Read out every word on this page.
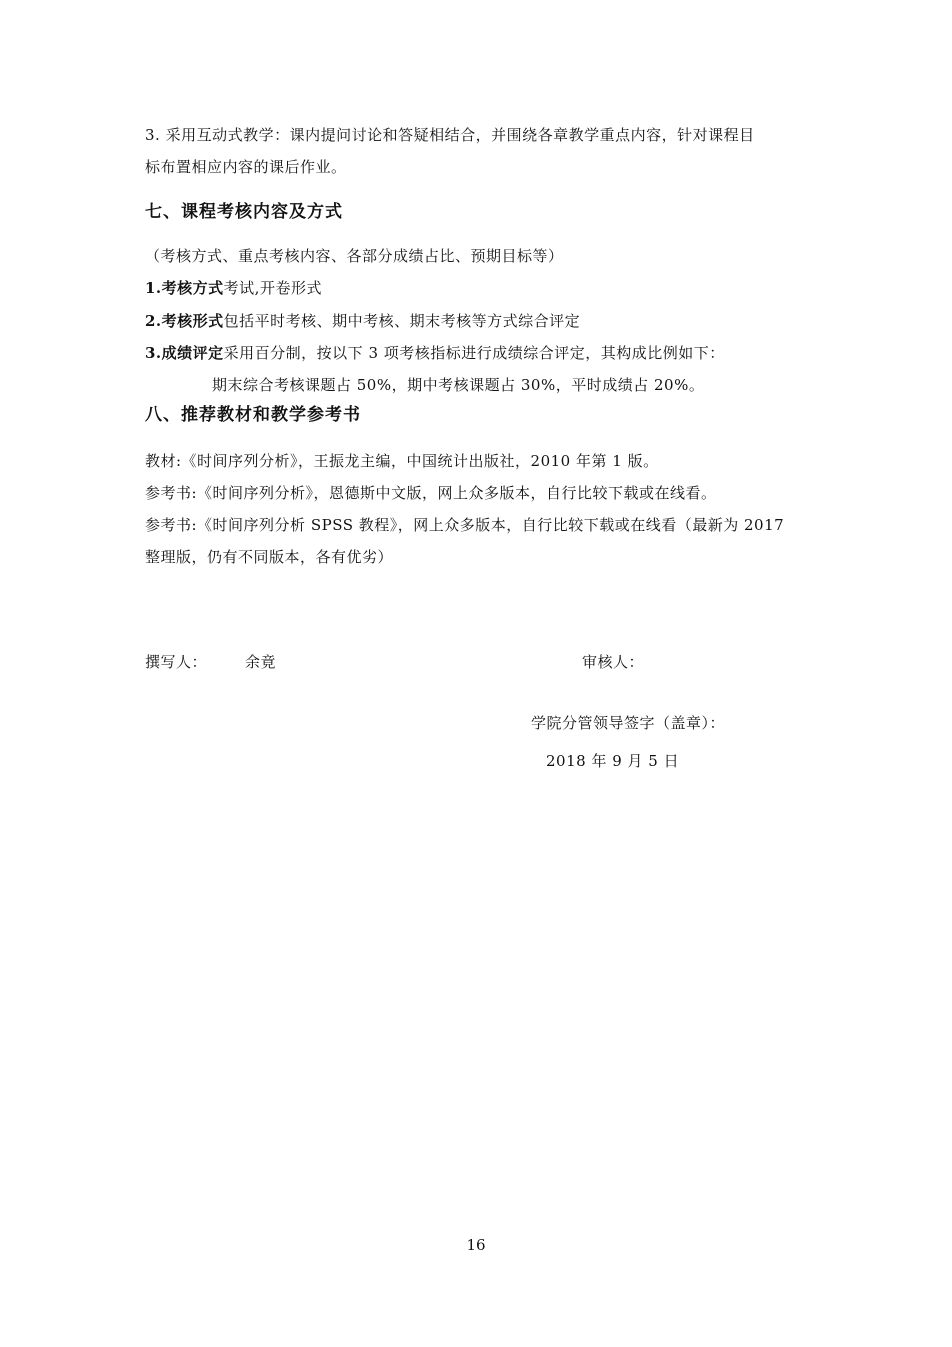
3. 采用互动式教学：课内提问讨论和答疑相结合，并围绕各章教学重点内容，针对课程目
标布置相应内容的课后作业。
七、课程考核内容及方式
（考核方式、重点考核内容、各部分成绩占比、预期目标等）
1.考核方式考试,开卷形式
2.考核形式包括平时考核、期中考核、期末考核等方式综合评定
3.成绩评定采用百分制，按以下 3 项考核指标进行成绩综合评定，其构成比例如下：
期末综合考核课题占 50%，期中考核课题占 30%，平时成绩占 20%。
八、推荐教材和教学参考书
教材:《时间序列分析》，王振龙主编，中国统计出版社，2010 年第 1 版。
参考书:《时间序列分析》，恩德斯中文版，网上众多版本，自行比较下载或在线看。
参考书:《时间序列分析 SPSS 教程》，网上众多版本，自行比较下载或在线看（最新为 2017
整理版，仍有不同版本，各有优劣）
撰写人：	余竟	审核人：
学院分管领导签字（盖章）：
2018 年 9 月 5 日
16
